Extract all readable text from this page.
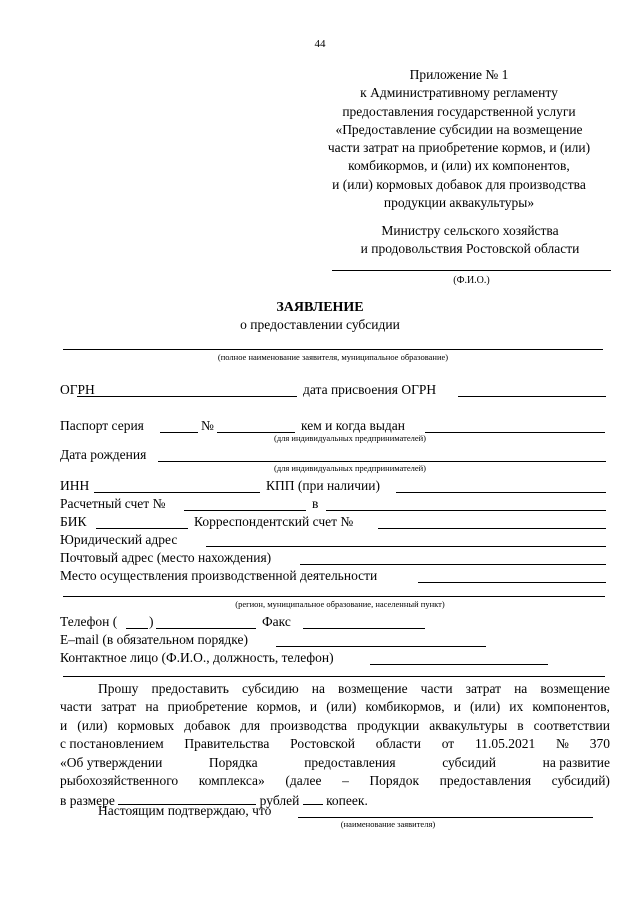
44
Приложение № 1
к Административному регламенту
предоставления государственной услуги
«Предоставление субсидии на возмещение
части затрат на приобретение кормов, и (или)
комбикормов, и (или) их компонентов,
и (или) кормовых добавок для производства
продукции аквакультуры»
Министру сельского хозяйства
и продовольствия Ростовской области
(Ф.И.О.)
ЗАЯВЛЕНИЕ
о предоставлении субсидии
(полное наименование заявителя, муниципальное образование)
ОГРН	дата присвоения ОГРН
Паспорт серия	№	кем и когда выдан
(для индивидуальных предпринимателей)
Дата рождения
(для индивидуальных предпринимателей)
ИНН	КПП (при наличии)
Расчетный счет №	в
БИК	Корреспондентский счет №
Юридический адрес
Почтовый адрес (место нахождения)
Место осуществления производственной деятельности
(регион, муниципальное образование, населенный пункт)
Телефон ( )	Факс
E–mail (в обязательном порядке)
Контактное лицо (Ф.И.О., должность, телефон)
Прошу предоставить субсидию на возмещение части затрат на возмещение
части затрат на приобретение кормов, и (или) комбикормов, и (или) их компонентов,
и (или) кормовых добавок для производства продукции аквакультуры в соответствии
с постановлением Правительства Ростовской области от 11.05.2021 № 370
«Об утверждении	Порядка	предоставления	субсидий	на развитие
рыбохозяйственного комплекса» (далее – Порядок предоставления субсидий)
в размере	рублей копеек.
Настоящим подтверждаю, что
(наименование заявителя)
